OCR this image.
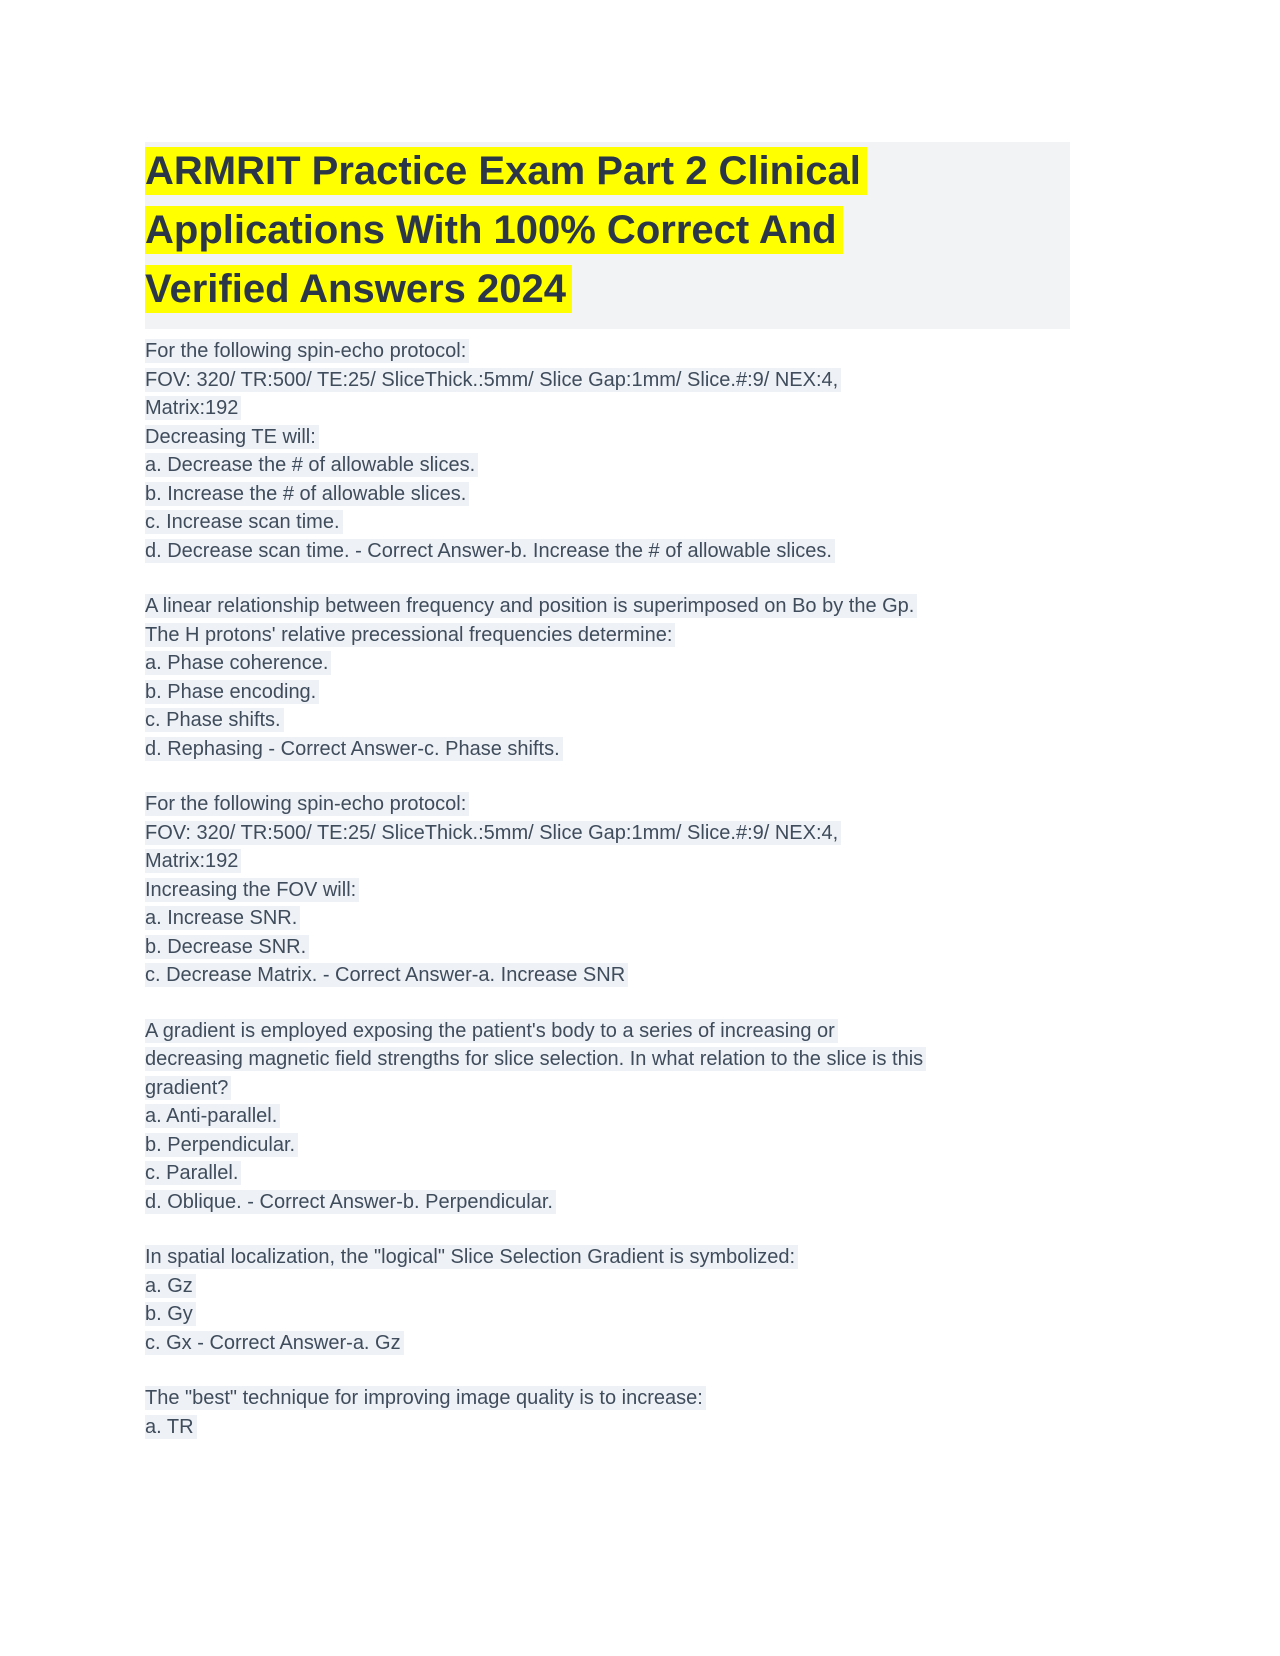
ARMRIT Practice Exam Part 2 Clinical
Applications With 100% Correct And
Verified Answers 2024
For the following spin-echo protocol:
FOV: 320/ TR:500/ TE:25/ SliceThick.:5mm/ Slice Gap:1mm/ Slice.#:9/ NEX:4,
Matrix:192
Decreasing TE will:
a. Decrease the # of allowable slices.
b. Increase the # of allowable slices.
c. Increase scan time.
d. Decrease scan time. - Correct Answer-b. Increase the # of allowable slices.
A linear relationship between frequency and position is superimposed on Bo by the Gp.
The H protons' relative precessional frequencies determine:
a. Phase coherence.
b. Phase encoding.
c. Phase shifts.
d. Rephasing - Correct Answer-c. Phase shifts.
For the following spin-echo protocol:
FOV: 320/ TR:500/ TE:25/ SliceThick.:5mm/ Slice Gap:1mm/ Slice.#:9/ NEX:4,
Matrix:192
Increasing the FOV will:
a. Increase SNR.
b. Decrease SNR.
c. Decrease Matrix. - Correct Answer-a. Increase SNR
A gradient is employed exposing the patient's body to a series of increasing or
decreasing magnetic field strengths for slice selection. In what relation to the slice is this
gradient?
a. Anti-parallel.
b. Perpendicular.
c. Parallel.
d. Oblique. - Correct Answer-b. Perpendicular.
In spatial localization, the "logical" Slice Selection Gradient is symbolized:
a. Gz
b. Gy
c. Gx - Correct Answer-a. Gz
The "best" technique for improving image quality is to increase:
a. TR
